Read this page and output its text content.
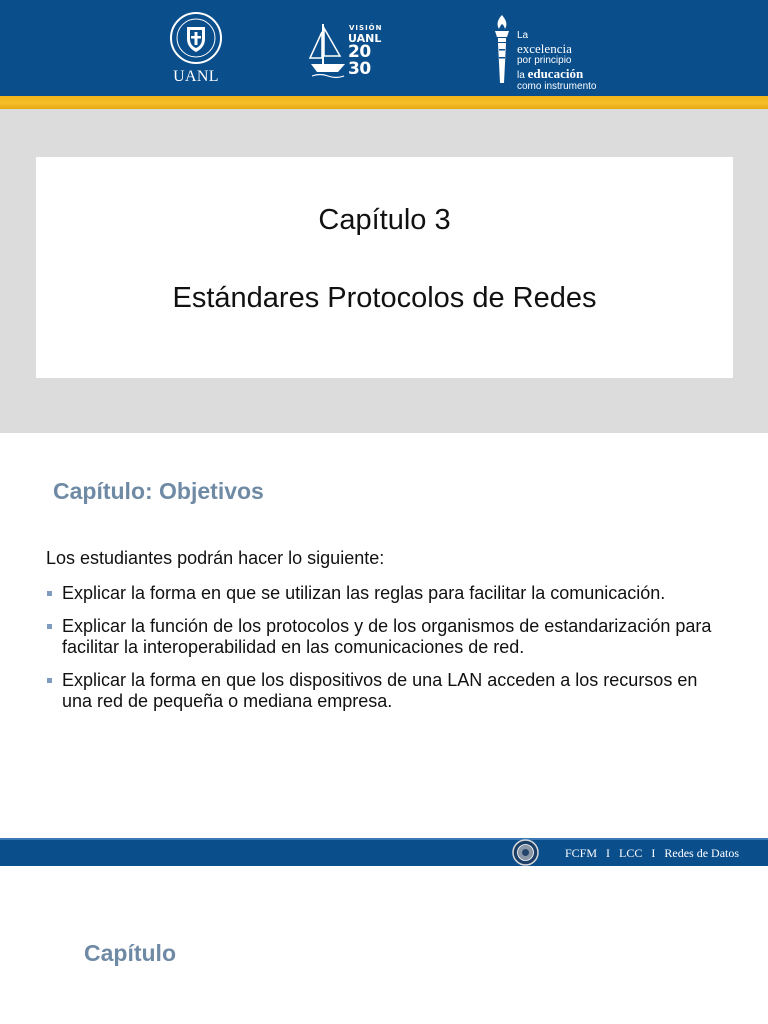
UANL
VISIÓN
UANL
20
30
La
excelencia
por principio
la educación
como instrumento
Capítulo 3
Estándares Protocolos de Redes
Capítulo: Objetivos
Los estudiantes podrán hacer lo siguiente:
Explicar la forma en que se utilizan las reglas para facilitar la comunicación.
Explicar la función de los protocolos y de los organismos de estandarización para facilitar la interoperabilidad en las comunicaciones de red.
Explicar la forma en que los dispositivos de una LAN acceden a los recursos en una red de pequeña o mediana empresa.
FCFM I LCC I Redes de Datos
Capítulo
